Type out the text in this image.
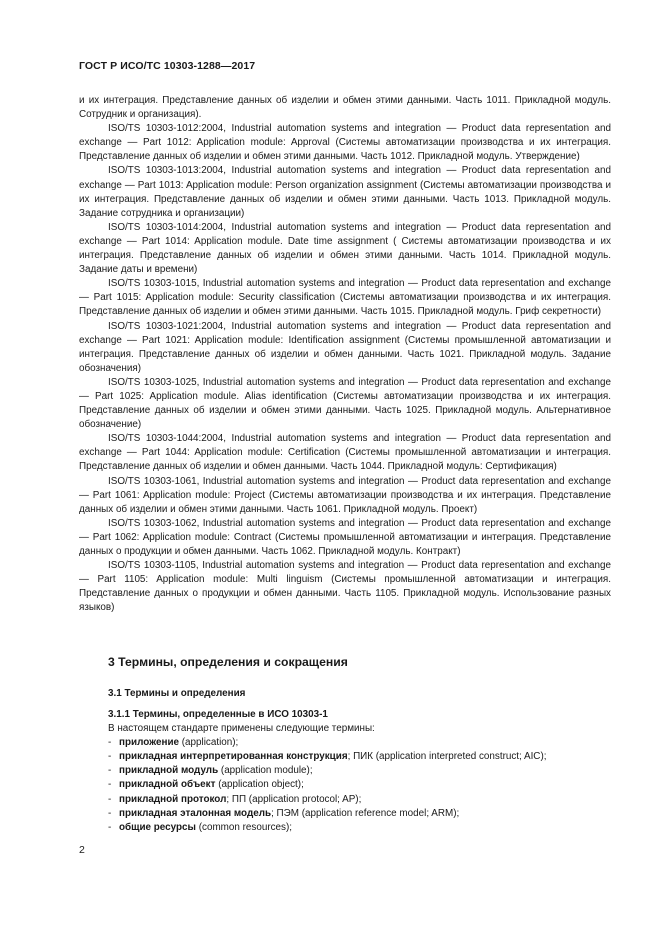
ГОСТ Р ИСО/ТС 10303-1288—2017

и их интеграция. Представление данных об изделии и обмен этими данными. Часть 1011. Прикладной модуль. Сотрудник и организация).

ISO/TS 10303-1012:2004, Industrial automation systems and integration — Product data representation and exchange — Part 1012: Application module: Approval (Системы автоматизации производства и их интеграция. Представление данных об изделии и обмен этими данными. Часть 1012. Прикладной модуль. Утверждение)

ISO/TS 10303-1013:2004, Industrial automation systems and integration — Product data representation and exchange — Part 1013: Application module: Person organization assignment (Системы автоматизации производства и их интеграция. Представление данных об изделии и обмен этими данными. Часть 1013. Прикладной модуль. Задание сотрудника и организации)

ISO/TS 10303-1014:2004, Industrial automation systems and integration — Product data representation and exchange — Part 1014: Application module. Date time assignment ( Системы автоматизации производства и их интеграция. Представление данных об изделии и обмен этими данными. Часть 1014. Прикладной модуль. Задание даты и времени)

ISO/TS 10303-1015, Industrial automation systems and integration — Product data representation and exchange — Part 1015: Application module: Security classification (Системы автоматизации производства и их интеграция. Представление данных об изделии и обмен этими данными. Часть 1015. Прикладной модуль. Гриф секретности)

ISO/TS 10303-1021:2004, Industrial automation systems and integration — Product data representation and exchange — Part 1021: Application module: Identification assignment (Системы промышленной автоматизации и интеграция. Представление данных об изделии и обмен данными. Часть 1021. Прикладной модуль. Задание обозначения)

ISO/TS 10303-1025, Industrial automation systems and integration — Product data representation and exchange — Part 1025: Application module. Alias identification (Системы автоматизации производства и их интеграция. Представление данных об изделии и обмен этими данными. Часть 1025. Прикладной модуль. Альтернативное обозначение)

ISO/TS 10303-1044:2004, Industrial automation systems and integration — Product data representation and exchange — Part 1044: Application module: Certification (Системы промышленной автоматизации и интеграция. Представление данных об изделии и обмен данными. Часть 1044. Прикладной модуль: Сертификация)

ISO/TS 10303-1061, Industrial automation systems and integration — Product data representation and exchange — Part 1061: Application module: Project (Системы автоматизации производства и их интеграция. Представление данных об изделии и обмен этими данными. Часть 1061. Прикладной модуль. Проект)

ISO/TS 10303-1062, Industrial automation systems and integration — Product data representation and exchange — Part 1062: Application module: Contract (Системы промышленной автоматизации и интеграция. Представление данных о продукции и обмен данными. Часть 1062. Прикладной модуль. Контракт)

ISO/TS 10303-1105, Industrial automation systems and integration — Product data representation and exchange — Part 1105: Application module: Multi linguism (Системы промышленной автоматизации и интеграция. Представление данных о продукции и обмен данными. Часть 1105. Прикладной модуль. Использование разных языков)

3 Термины, определения и сокращения
3.1 Термины и определения
3.1.1 Термины, определенные в ИСО 10303-1
В настоящем стандарте применены следующие термины:
- приложение (application);
- прикладная интерпретированная конструкция; ПИК (application interpreted construct; AIC);
- прикладной модуль (application module);
- прикладной объект (application object);
- прикладной протокол; ПП (application protocol; AP);
- прикладная эталонная модель; ПЭМ (application reference model; ARM);
- общие ресурсы (common resources);
2
